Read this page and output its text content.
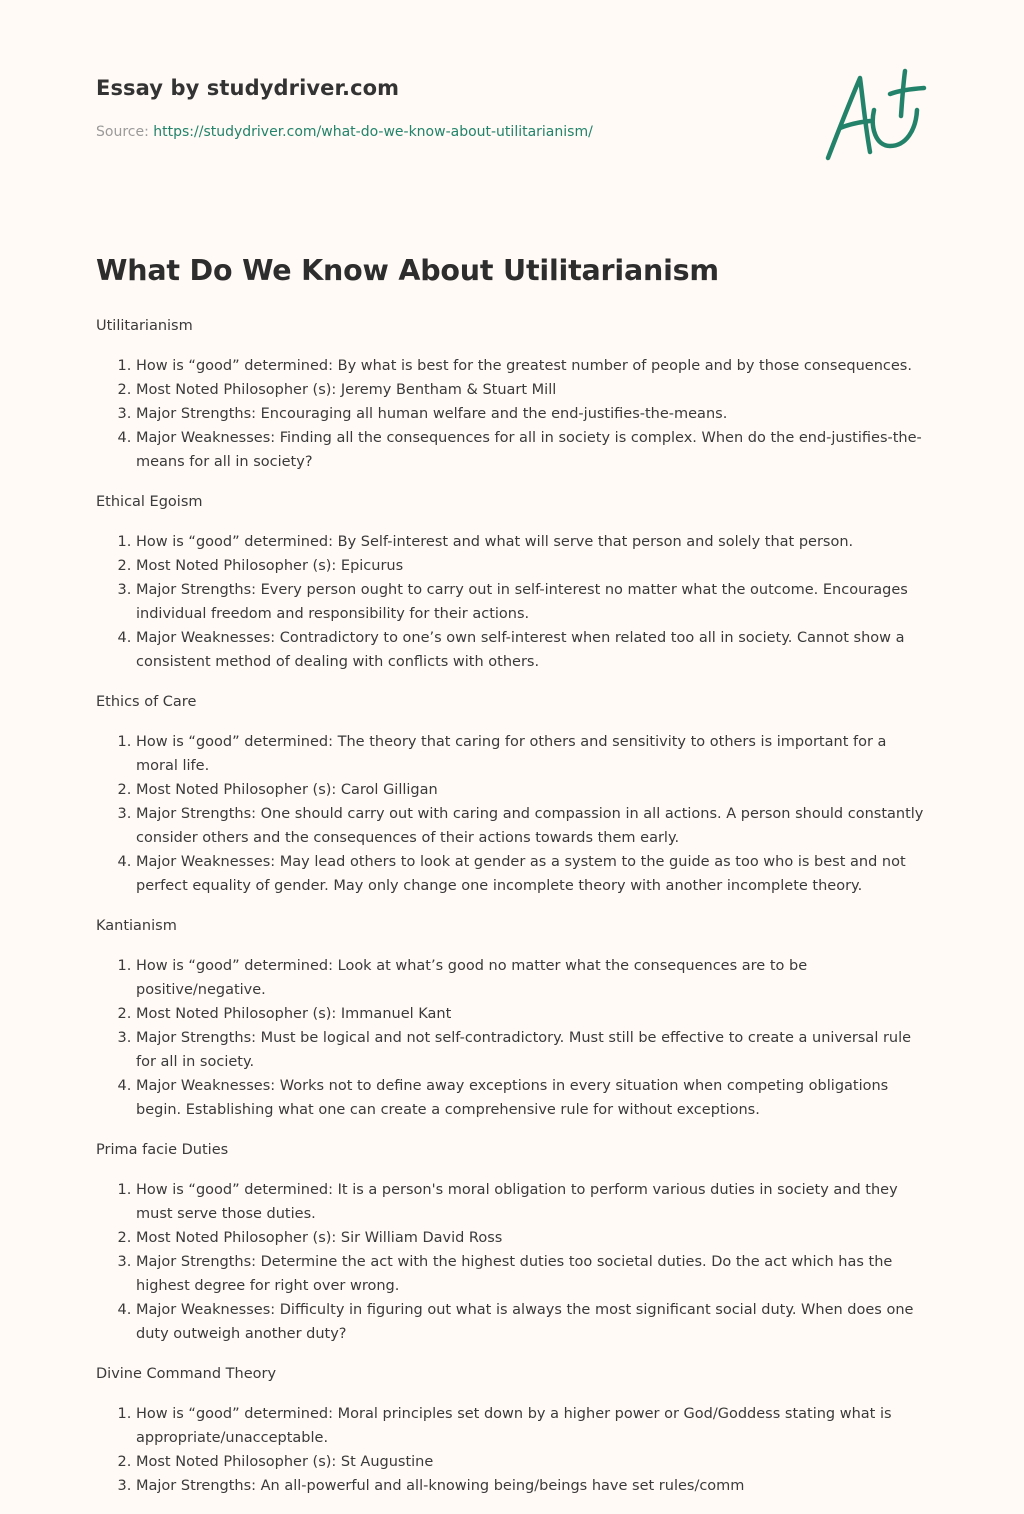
Essay by studydriver.com
Source: https://studydriver.com/what-do-we-know-about-utilitarianism/
What Do We Know About Utilitarianism

Utilitarianism

1. How is “good” determined: By what is best for the greatest number of people and by those consequences.
2. Most Noted Philosopher (s): Jeremy Bentham & Stuart Mill
3. Major Strengths: Encouraging all human welfare and the end-justifies-the-means.
4. Major Weaknesses: Finding all the consequences for all in society is complex. When do the end-justifies-the-means for all in society?

Ethical Egoism

1. How is “good” determined: By Self-interest and what will serve that person and solely that person.
2. Most Noted Philosopher (s): Epicurus
3. Major Strengths: Every person ought to carry out in self-interest no matter what the outcome. Encourages individual freedom and responsibility for their actions.
4. Major Weaknesses: Contradictory to one’s own self-interest when related too all in society. Cannot show a consistent method of dealing with conflicts with others.

Ethics of Care

1. How is “good” determined: The theory that caring for others and sensitivity to others is important for a moral life.
2. Most Noted Philosopher (s): Carol Gilligan
3. Major Strengths: One should carry out with caring and compassion in all actions. A person should constantly consider others and the consequences of their actions towards them early.
4. Major Weaknesses: May lead others to look at gender as a system to the guide as too who is best and not perfect equality of gender. May only change one incomplete theory with another incomplete theory.

Kantianism

1. How is “good” determined: Look at what’s good no matter what the consequences are to be positive/negative.
2. Most Noted Philosopher (s): Immanuel Kant
3. Major Strengths: Must be logical and not self-contradictory. Must still be effective to create a universal rule for all in society.
4. Major Weaknesses: Works not to define away exceptions in every situation when competing obligations begin. Establishing what one can create a comprehensive rule for without exceptions.

Prima facie Duties

1. How is “good” determined: It is a person's moral obligation to perform various duties in society and they must serve those duties.
2. Most Noted Philosopher (s): Sir William David Ross
3. Major Strengths: Determine the act with the highest duties too societal duties. Do the act which has the highest degree for right over wrong.
4. Major Weaknesses: Difficulty in figuring out what is always the most significant social duty. When does one duty outweigh another duty?

Divine Command Theory

1. How is “good” determined: Moral principles set down by a higher power or God/Goddess stating what is appropriate/unacceptable.
2. Most Noted Philosopher (s): St Augustine
3. Major Strengths: An all-powerful and all-knowing being/beings have set rules/comm
